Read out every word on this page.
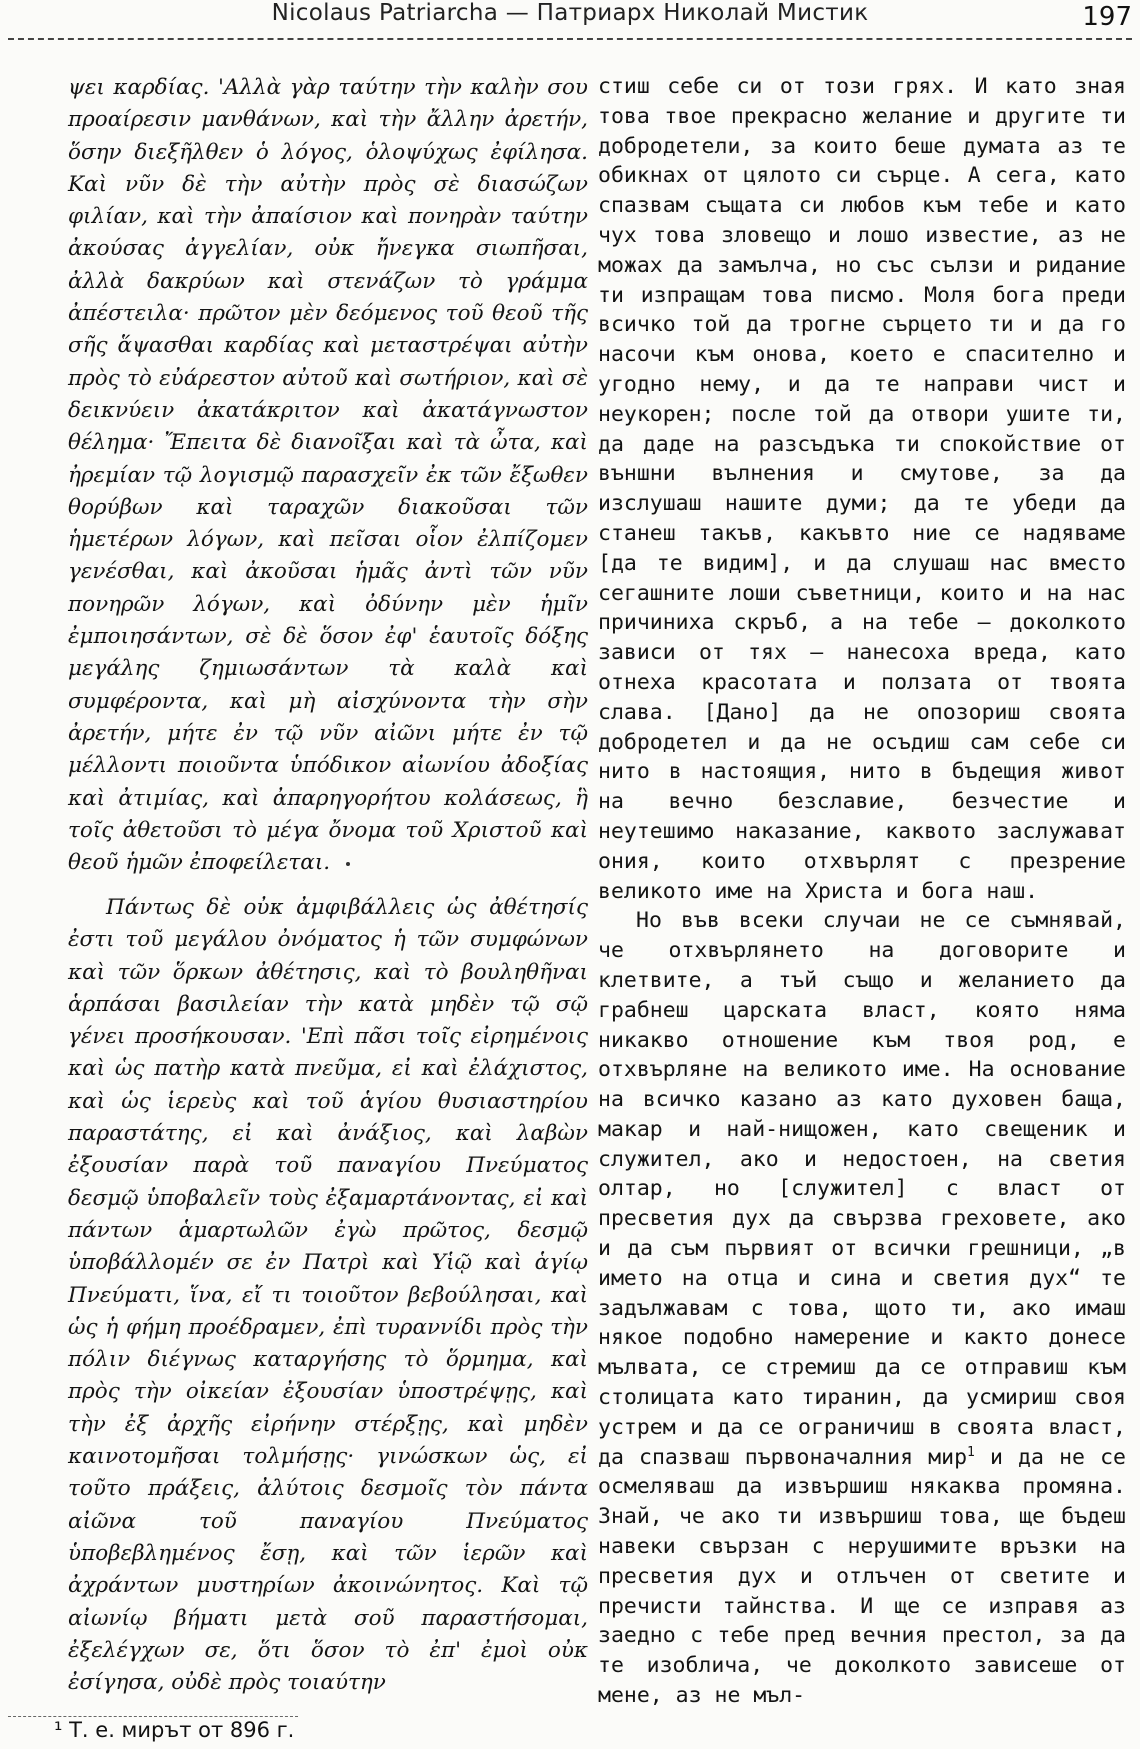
Nicolaus Patriarcha — Патриарх Николай Мистик	197

ψει καρδίας. 'Αλλὰ γὰρ ταύτην τὴν καλὴν σου προαίρεσιν μανθάνων, καὶ τὴν ἄλλην ἀρετήν, ὅσην διεξῆλθεν ὁ λόγος, ὁλοψύχως ἐφίλησα. Καὶ νῦν δὲ τὴν αὐτὴν πρὸς σὲ διασώζων φιλίαν, καὶ τὴν ἀπαίσιον καὶ πονηρὰν ταύτην ἀκούσας ἀγγελίαν, οὐκ ἤνεγκα σιωπῆσαι, ἀλλὰ δακρύων καὶ στενάζων τὸ γράμμα ἀπέστειλα· πρῶτον μὲν δεόμενος τοῦ θεοῦ τῆς σῆς ἅψασθαι καρδίας καὶ μεταστρέψαι αὐτὴν πρὸς τὸ εὐάρεστον αὐτοῦ καὶ σωτήριον, καὶ σὲ δεικνύειν ἀκατάκριτον καὶ ἀκατάγνωστον θέλημα· Ἔπειτα δὲ διανοῖξαι καὶ τὰ ὦτα, καὶ ἠρεμίαν τῷ λογισμῷ παρασχεῖν ἐκ τῶν ἔξωθεν θορύβων καὶ ταραχῶν διακοῦσαι τῶν ἡμετέρων λόγων, καὶ πεῖσαι οἷον ἐλπίζομεν γενέσθαι, καὶ ἀκοῦσαι ἡμᾶς ἀντὶ τῶν νῦν πονηρῶν λόγων, καὶ ὀδύνην μὲν ἡμῖν ἐμποιησάντων, σὲ δὲ ὅσον ἐφ' ἑαυτοῖς δόξης μεγάλης ζημιωσάντων τὰ καλὰ καὶ συμφέροντα, καὶ μὴ αἰσχύνοντα τὴν σὴν ἀρετήν, μήτε ἐν τῷ νῦν αἰῶνι μήτε ἐν τῷ μέλλοντι ποιοῦντα ὑπόδικον αἰωνίου ἀδοξίας καὶ ἀτιμίας, καὶ ἀπαρηγορήτου κολάσεως, ἣ τοῖς ἀθετοῦσι τὸ μέγα ὄνομα τοῦ Χριστοῦ καὶ θεοῦ ἡμῶν ἐποφείλεται.

Πάντως δὲ οὐκ ἀμφιβάλλεις ὡς ἀθέτησίς ἐστι τοῦ μεγάλου ὀνόματος ἡ τῶν συμφώνων καὶ τῶν ὅρκων ἀθέτησις, καὶ τὸ βουληθῆναι ἁρπάσαι βασιλείαν τὴν κατὰ μηδὲν τῷ σῷ γένει προσήκουσαν. 'Επὶ πᾶσι τοῖς εἰρημένοις καὶ ὡς πατὴρ κατὰ πνεῦμα, εἰ καὶ ἐλάχιστος, καὶ ὡς ἱερεὺς καὶ τοῦ ἁγίου θυσιαστηρίου παραστάτης, εἰ καὶ ἀνάξιος, καὶ λαβὼν ἐξουσίαν παρὰ τοῦ παναγίου Πνεύματος δεσμῷ ὑποβαλεῖν τοὺς ἐξαμαρτάνοντας, εἰ καὶ πάντων ἁμαρτωλῶν ἐγὼ πρῶτος, δεσμῷ ὑποβάλλομέν σε ἐν Πατρὶ καὶ Υἱῷ καὶ ἁγίῳ Πνεύματι, ἵνα, εἴ τι τοιοῦτον βεβούλησαι, καὶ ὡς ἡ φήμη προέδραμεν, ἐπὶ τυραννίδι πρὸς τὴν πόλιν διέγνως καταργήσης τὸ ὅρμημα, καὶ πρὸς τὴν οἰκείαν ἐξουσίαν ὑποστρέψῃς, καὶ τὴν ἐξ ἀρχῆς εἰρήνην στέρξῃς, καὶ μηδὲν καινοτομῆσαι τολμήσῃς· γινώσκων ὡς, εἰ τοῦτο πράξεις, ἀλύτοις δεσμοῖς τὸν πάντα αἰῶνα τοῦ παναγίου Πνεύματος ὑποβεβλημένος ἔσῃ, καὶ τῶν ἱερῶν καὶ ἀχράντων μυστηρίων ἀκοινώνητος. Καὶ τῷ αἰωνίῳ βήματι μετὰ σοῦ παραστήσομαι, ἐξελέγχων σε, ὅτι ὅσον τὸ ἐπ' ἐμοὶ οὐκ ἐσίγησα, οὐδὲ πρὸς τοιαύτην

стиш себе си от този грях. И като зная това твое прекрасно желание и другите ти добродетели, за които беше думата аз те обикнах от цялото си сърце. А сега, като спазвам същата си любов към тебе и като чух това зловещо и лошо известие, аз не можах да замълча, но със сълзи и ридание ти изпращам това писмо. Моля бога преди всичко той да трогне сърцето ти и да го насочи към онова, което е спасително и угодно нему, и да те направи чист и неукорен; после той да отвори ушите ти, да даде на разсъдъка ти спокойствие от външни вълнения и смутове, за да изслушаш нашите думи; да те убеди да станеш такъв, какъвто ние се надяваме [да те видим], и да слушаш нас вместо сегашните лоши съветници, които и на нас причиниха скръб, а на тебе — доколкото зависи от тях — нанесоха вреда, като отнеха красотата и ползата от твоята слава. [Дано] да не опозориш своята добродетел и да не осъдиш сам себе си нито в настоящия, нито в бъдещия живот на вечно безславие, безчестие и неутешимо наказание, каквото заслужават ония, които отхвърлят с презрение великото име на Христа и бога наш.

Но във всеки случаи не се съмнявай, че отхвърлянето на договорите и клетвите, а тъй също и желанието да грабнеш царската власт, която няма никакво отношение към твоя род, е отхвърляне на великото име. На основание на всичко казано аз като духовен баща, макар и най-нищожен, като свещеник и служител, ако и недостоен, на светия олтар, но [служител] с власт от пресветия дух да свързва греховете, ако и да съм първият от всички грешници, „в името на отца и сина и светия дух“ те задължавам с това, щото ти, ако имаш някое подобно намерение и както донесе мълвата, се стремиш да се отправиш към столицата като тиранин, да усмириш своя устрем и да се ограничиш в своята власт, да спазваш първоначалния мир$^1$ и да не се осмеляваш да извършиш някаква промяна. Знай, че ако ти извършиш това, ще бъдеш навеки свързан с нерушимите връзки на пресветия дух и отлъчен от светите и пречисти тайнства. И ще се изправя аз заедно с тебе пред вечния престол, за да те изобличa, че доколкото зависеше от мене, аз не мъл-

¹ Т. е. мирът от 896 г.
